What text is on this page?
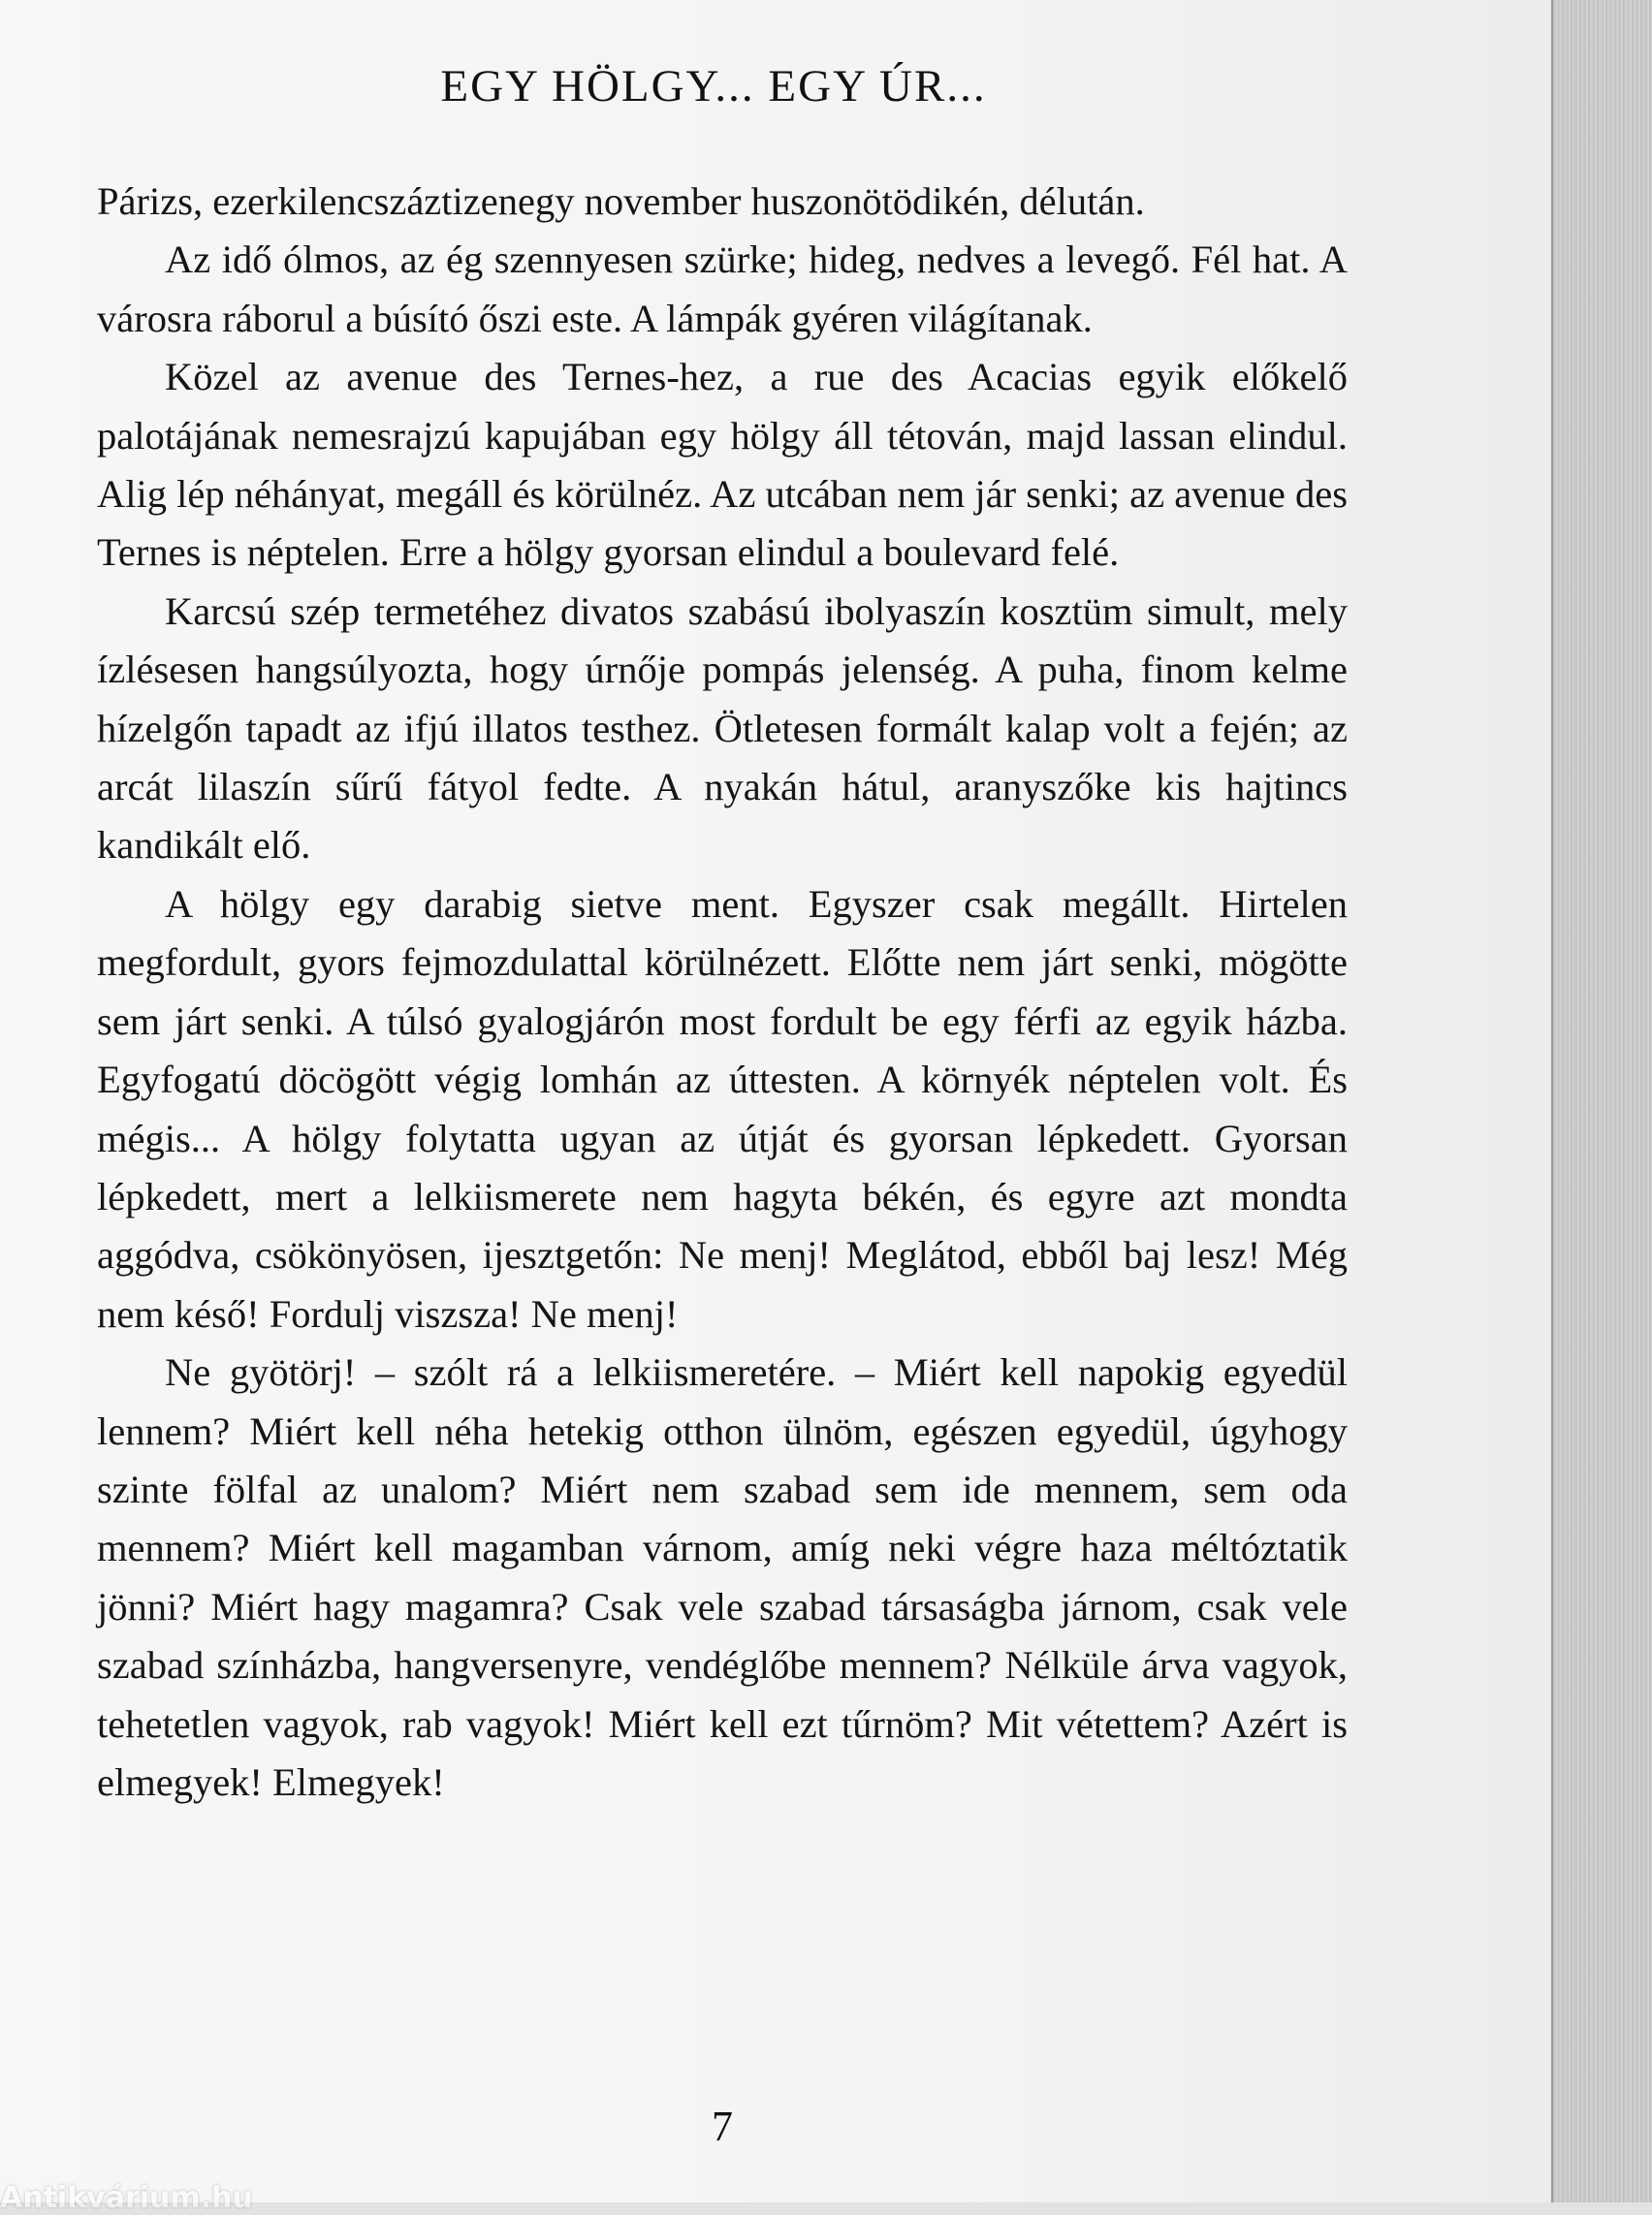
EGY HÖLGY... EGY ÚR...

Párizs, ezerkilencszáztizenegy november huszonötödikén, délután.

Az idő ólmos, az ég szennyesen szürke; hideg, nedves a levegő. Fél hat. A városra ráborul a búsító őszi este. A lámpák gyéren világítanak.

Közel az avenue des Ternes-hez, a rue des Acacias egyik előkelő palotájának nemesrajzú kapujában egy hölgy áll tétován, majd lassan elindul. Alig lép néhányat, megáll és körülnéz. Az utcában nem jár senki; az avenue des Ternes is néptelen. Erre a hölgy gyorsan elindul a boulevard felé.

Karcsú szép termetéhez divatos szabású ibolyaszín kosztüm simult, mely ízlésesen hangsúlyozta, hogy úrnője pompás jelenség. A puha, finom kelme hízelgőn tapadt az ifjú illatos testhez. Ötletesen formált kalap volt a fején; az arcát lilaszín sűrű fátyol fedte. A nyakán hátul, aranyszőke kis hajtincs kandikált elő.

A hölgy egy darabig sietve ment. Egyszer csak megállt. Hirtelen megfordult, gyors fejmozdulattal körülnézett. Előtte nem járt senki, mögötte sem járt senki. A túlsó gyalogjárón most fordult be egy férfi az egyik házba. Egyfogatú döcögött végig lomhán az úttesten. A környék néptelen volt. És mégis... A hölgy folytatta ugyan az útját és gyorsan lépkedett. Gyorsan lépkedett, mert a lelkiismerete nem hagyta békén, és egyre azt mondta aggódva, csökönyösen, ijesztgetőn: Ne menj! Meglátod, ebből baj lesz! Még nem késő! Fordulj viszsza! Ne menj!

Ne gyötörj! – szólt rá a lelkiismeretére. – Miért kell napokig egyedül lennem? Miért kell néha hetekig otthon ülnöm, egészen egyedül, úgyhogy szinte fölfal az unalom? Miért nem szabad sem ide mennem, sem oda mennem? Miért kell magamban várnom, amíg neki végre haza méltóztatik jönni? Miért hagy magamra? Csak vele szabad társaságba járnom, csak vele szabad színházba, hangversenyre, vendéglőbe mennem? Nélküle árva vagyok, tehetetlen vagyok, rab vagyok! Miért kell ezt tűrnöm? Mit vétettem? Azért is elmegyek! Elmegyek!

7
Antikvárium.hu
